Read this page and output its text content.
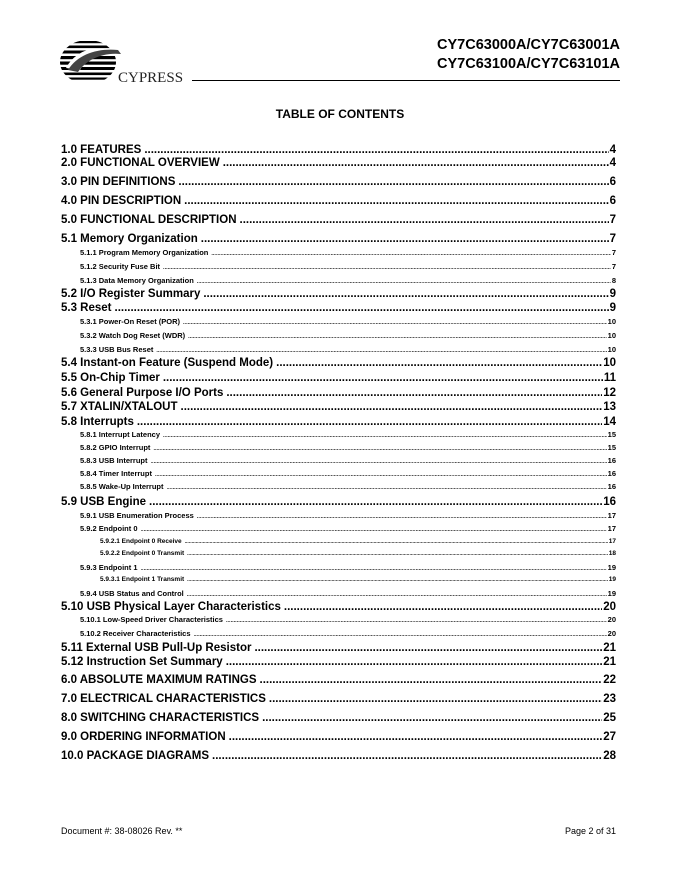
CYPRESS
CY7C63000A/CY7C63001A
CY7C63100A/CY7C63101A
TABLE OF CONTENTS
1.0 FEATURES .....	4
2.0 FUNCTIONAL OVERVIEW .....	4
3.0 PIN DEFINITIONS .....	6
4.0 PIN DESCRIPTION .....	6
5.0 FUNCTIONAL DESCRIPTION .....	7
5.1 Memory Organization .....	7
5.1.1 Program Memory Organization .....	7
5.1.2 Security Fuse Bit .....	7
5.1.3 Data Memory Organization .....	8
5.2 I/O Register Summary .....	9
5.3 Reset .....	9
5.3.1 Power-On Reset (POR) .....	10
5.3.2 Watch Dog Reset (WDR) .....	10
5.3.3 USB Bus Reset .....	10
5.4 Instant-on Feature (Suspend Mode) .....	10
5.5 On-Chip Timer .....	11
5.6 General Purpose I/O Ports .....	12
5.7 XTALIN/XTALOUT .....	13
5.8 Interrupts .....	14
5.8.1 Interrupt Latency .....	15
5.8.2 GPIO Interrupt .....	15
5.8.3 USB Interrupt .....	16
5.8.4 Timer Interrupt .....	16
5.8.5 Wake-Up Interrupt .....	16
5.9 USB Engine .....	16
5.9.1 USB Enumeration Process .....	17
5.9.2 Endpoint 0 .....	17
5.9.2.1 Endpoint 0 Receive .....	17
5.9.2.2 Endpoint 0 Transmit .....	18
5.9.3 Endpoint 1 .....	19
5.9.3.1 Endpoint 1 Transmit .....	19
5.9.4 USB Status and Control .....	19
5.10 USB Physical Layer Characteristics .....	20
5.10.1 Low-Speed Driver Characteristics .....	20
5.10.2 Receiver Characteristics .....	20
5.11 External USB Pull-Up Resistor .....	21
5.12 Instruction Set Summary .....	21
6.0 ABSOLUTE MAXIMUM RATINGS .....	22
7.0 ELECTRICAL CHARACTERISTICS .....	23
8.0 SWITCHING CHARACTERISTICS .....	25
9.0 ORDERING INFORMATION .....	27
10.0 PACKAGE DIAGRAMS .....	28
Document #: 38-08026 Rev. **	Page 2 of 31
